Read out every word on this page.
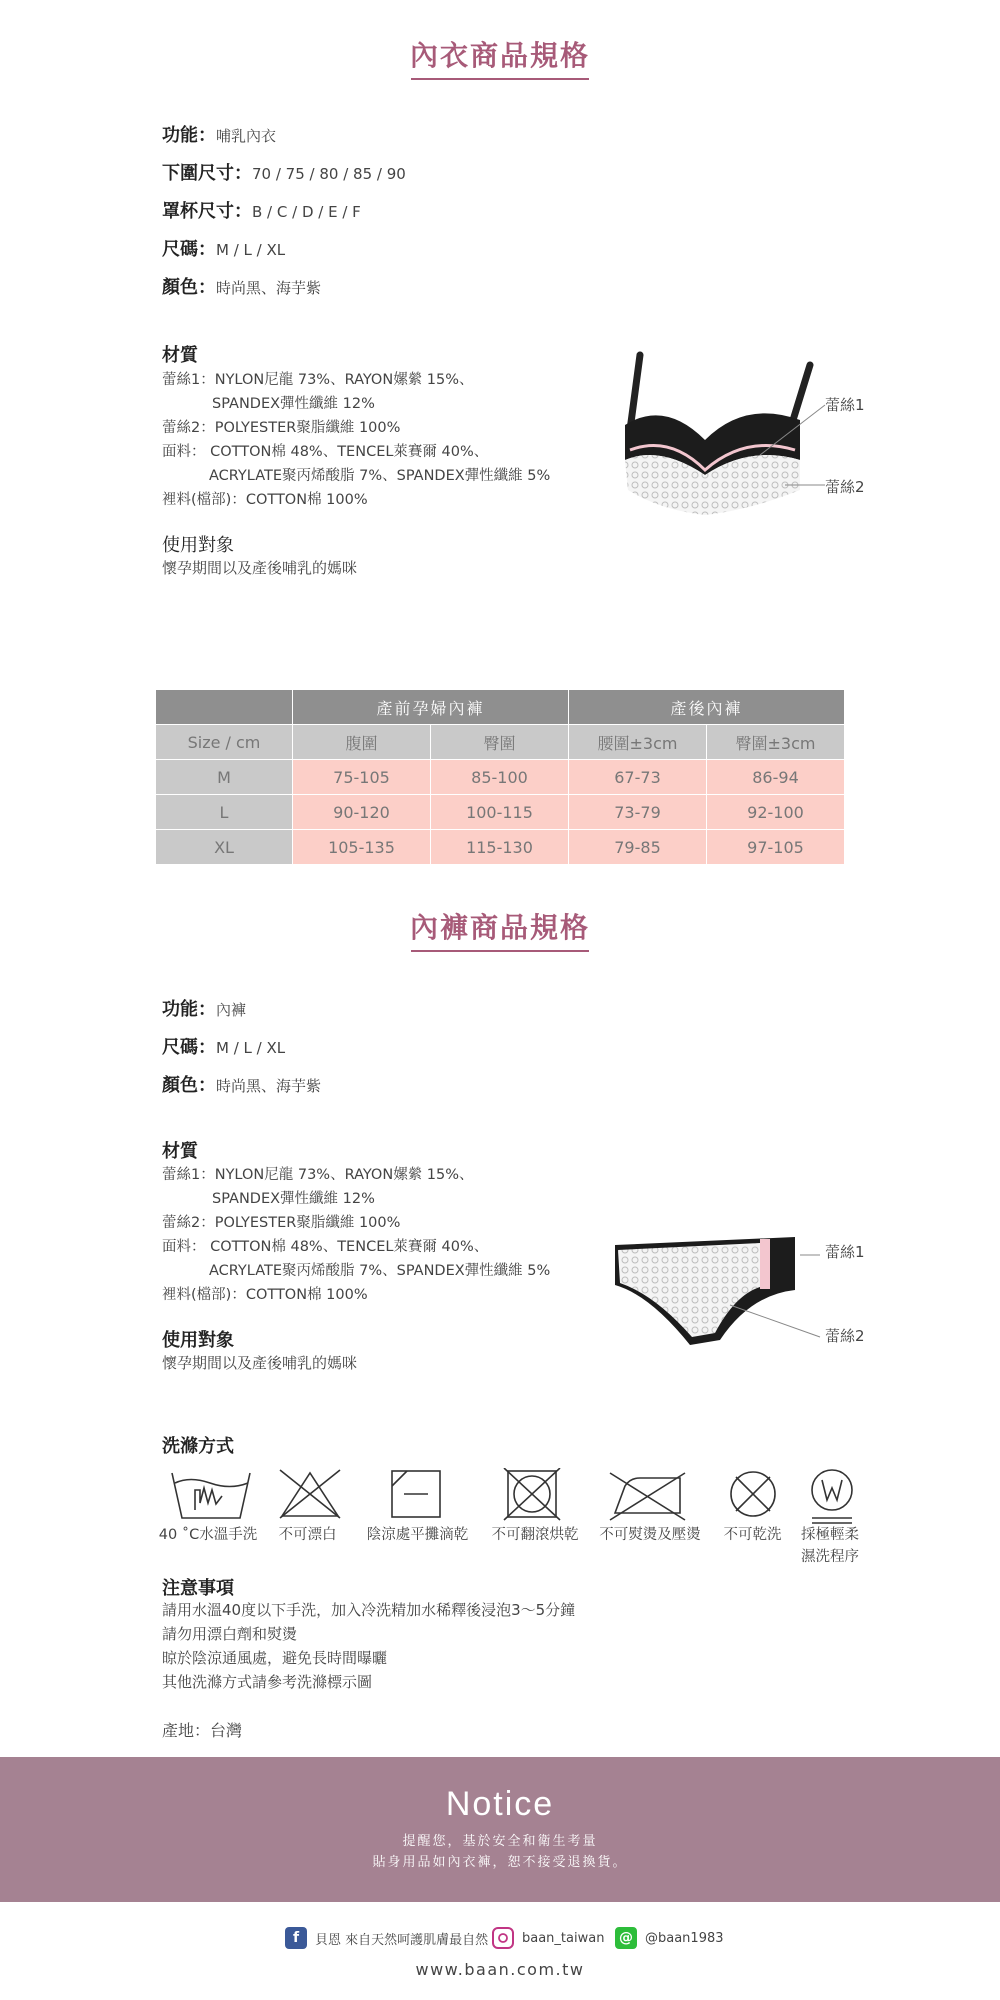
內衣商品規格
功能：哺乳內衣
下圍尺寸：70 / 75 / 80 / 85 / 90
罩杯尺寸：B / C / D / E / F
尺碼：M / L / XL
顏色：時尚黑、海芋紫
材質
蕾絲1：NYLON尼龍 73%、RAYON嫘縈 15%、
SPANDEX彈性纖維 12%
蕾絲2：POLYESTER聚脂纖維 100%
面料： COTTON棉 48%、TENCEL萊賽爾 40%、
ACRYLATE聚丙烯酸脂 7%、SPANDEX彈性纖維 5%
裡料(檔部)：COTTON棉 100%
使用對象
懷孕期間以及產後哺乳的媽咪
蕾絲1
蕾絲2
	產前孕婦內褲		產後內褲	
Size / cm	腹圍	臀圍	腰圍±3cm	臀圍±3cm
M	75-105	85-100	67-73	86-94
L	90-120	100-115	73-79	92-100
XL	105-135	115-130	79-85	97-105
內褲商品規格
功能：內褲
尺碼：M / L / XL
顏色：時尚黑、海芋紫
材質
蕾絲1：NYLON尼龍 73%、RAYON嫘縈 15%、
SPANDEX彈性纖維 12%
蕾絲2：POLYESTER聚脂纖維 100%
面料： COTTON棉 48%、TENCEL萊賽爾 40%、
ACRYLATE聚丙烯酸脂 7%、SPANDEX彈性纖維 5%
裡料(檔部)：COTTON棉 100%
使用對象
懷孕期間以及產後哺乳的媽咪
蕾絲1
蕾絲2
洗滌方式
40 ˚C水溫手洗	不可漂白	陰涼處平攤滴乾	不可翻滾烘乾	不可熨燙及壓燙	不可乾洗	採極輕柔
濕洗程序
注意事項
請用水溫40度以下手洗，加入冷洗精加水稀釋後浸泡3～5分鐘
請勿用漂白劑和熨燙
晾於陰涼通風處，避免長時間曝曬
其他洗滌方式請參考洗滌標示圖
產地：台灣
Notice
提醒您，基於安全和衛生考量
貼身用品如內衣褲，恕不接受退換貨。
f	貝恩 來自天然呵護肌膚最自然	baan_taiwan @ @baan1983
www.baan.com.tw
